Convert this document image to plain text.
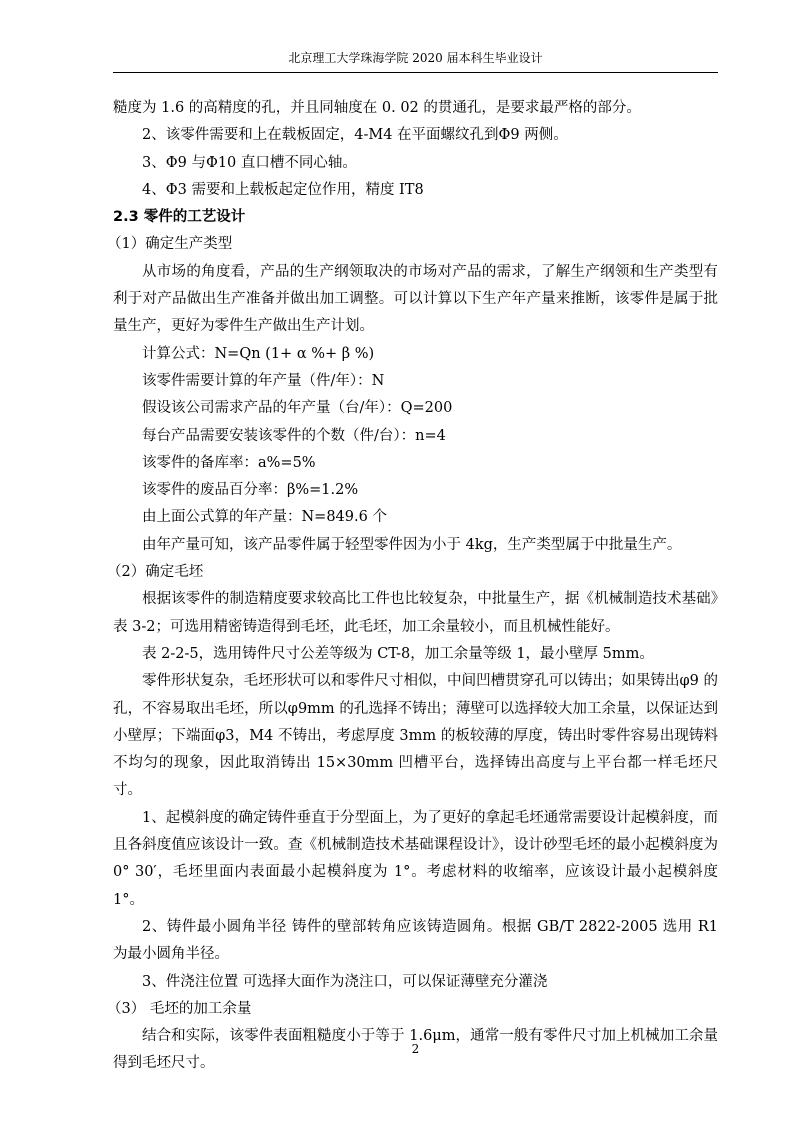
北京理工大学珠海学院 2020 届本科生毕业设计

糙度为 1.6 的高精度的孔，并且同轴度在 0. 02 的贯通孔，是要求最严格的部分。

2、该零件需要和上在载板固定，4-M4 在平面螺纹孔到Φ9 两侧。

3、Φ9 与Φ10 直口槽不同心轴。

4、Φ3 需要和上载板起定位作用，精度 IT8

2.3 零件的工艺设计

（1）确定生产类型

从市场的角度看，产品的生产纲领取决的市场对产品的需求，了解生产纲领和生产类型有利于对产品做出生产准备并做出加工调整。可以计算以下生产年产量来推断，该零件是属于批量生产，更好为零件生产做出生产计划。

计算公式：N=Qn (1+ α %+ β %)

该零件需要计算的年产量（件/年）：N

假设该公司需求产品的年产量（台/年）：Q=200

每台产品需要安装该零件的个数（件/台）：n=4

该零件的备库率：a%=5%

该零件的废品百分率：β%=1.2%

由上面公式算的年产量：N=849.6 个

由年产量可知，该产品零件属于轻型零件因为小于 4kg，生产类型属于中批量生产。

（2）确定毛坯

根据该零件的制造精度要求较高比工件也比较复杂，中批量生产，据《机械制造技术基础》表 3-2；可选用精密铸造得到毛坯，此毛坯，加工余量较小，而且机械性能好。

表 2-2-5，选用铸件尺寸公差等级为 CT-8，加工余量等级 1，最小壁厚 5mm。

零件形状复杂，毛坯形状可以和零件尺寸相似，中间凹槽贯穿孔可以铸出；如果铸出φ9 的孔，不容易取出毛坯，所以φ9mm 的孔选择不铸出；薄壁可以选择较大加工余量，以保证达到小壁厚；下端面φ3，M4 不铸出，考虑厚度 3mm 的板较薄的厚度，铸出时零件容易出现铸料不均匀的现象，因此取消铸出 15×30mm 凹槽平台，选择铸出高度与上平台都一样毛坯尺寸。

1、起模斜度的确定铸件垂直于分型面上，为了更好的拿起毛坯通常需要设计起模斜度，而且各斜度值应该设计一致。查《机械制造技术基础课程设计》，设计砂型毛坯的最小起模斜度为 0° 30′，毛坯里面内表面最小起模斜度为 1°。考虑材料的收缩率，应该设计最小起模斜度 1°。

2、铸件最小圆角半径 铸件的壁部转角应该铸造圆角。根据 GB/T 2822-2005 选用 R1 为最小圆角半径。

3、件浇注位置 可选择大面作为浇注口，可以保证薄壁充分灌浇

（3） 毛坯的加工余量

结合和实际，该零件表面粗糙度小于等于 1.6μm，通常一般有零件尺寸加上机械加工余量得到毛坯尺寸。

2
